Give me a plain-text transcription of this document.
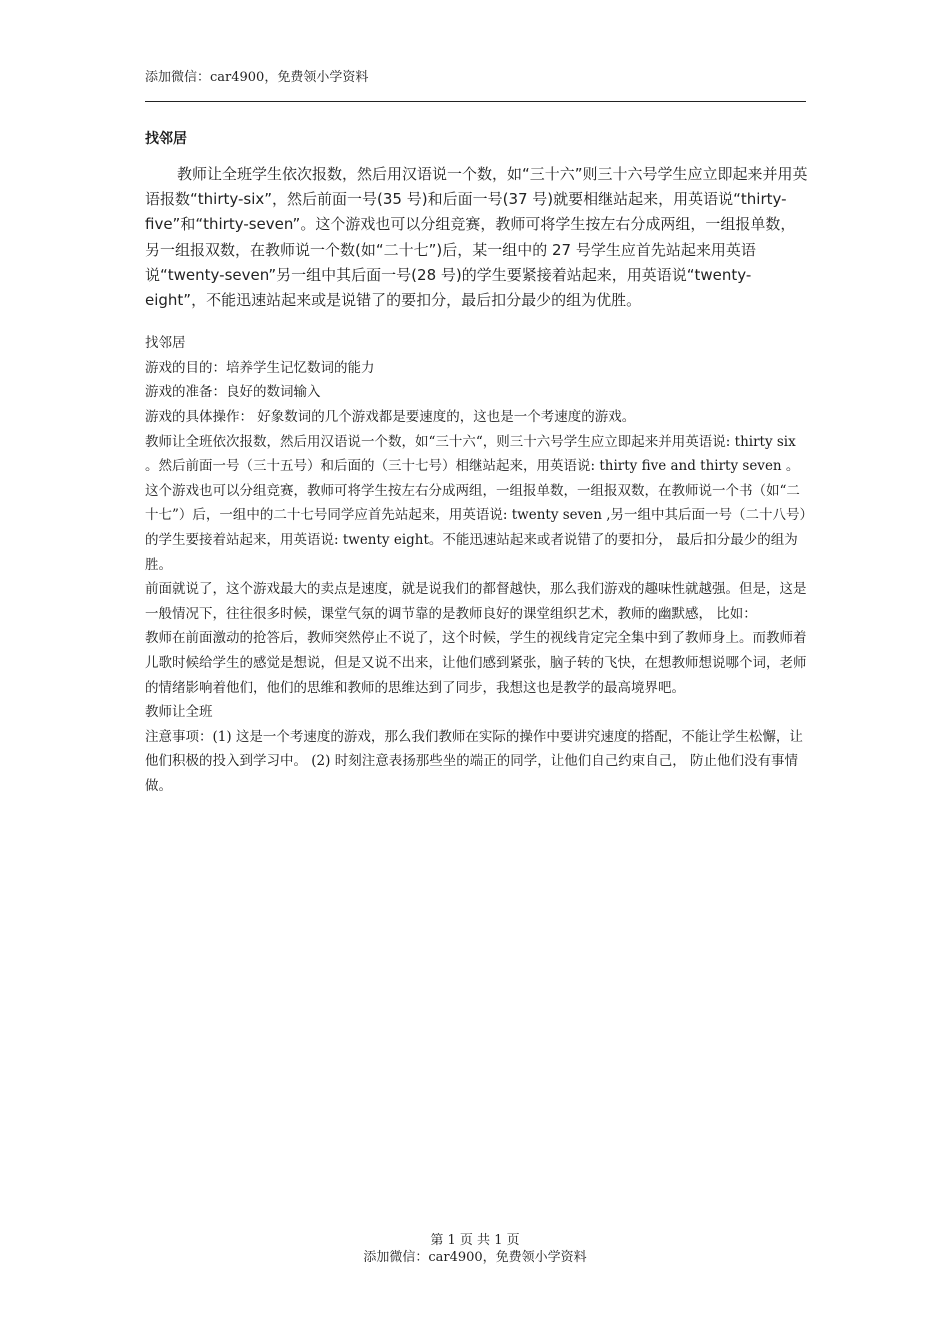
添加微信：car4900，免费领小学资料
找邻居

教师让全班学生依次报数，然后用汉语说一个数，如“三十六”则三十六号学生应立即起来并用英语报数“thirty-six”，然后前面一号(35 号)和后面一号(37 号)就要相继站起来，用英语说“thirty-five”和“thirty-seven”。这个游戏也可以分组竞赛，教师可将学生按左右分成两组，一组报单数，另一组报双数，在教师说一个数(如“二十七”)后，某一组中的 27 号学生应首先站起来用英语说“twenty-seven”另一组中其后面一号(28 号)的学生要紧接着站起来，用英语说“twenty-eight”，不能迅速站起来或是说错了的要扣分，最后扣分最少的组为优胜。

找邻居

游戏的目的：培养学生记忆数词的能力

游戏的准备：良好的数词输入

游戏的具体操作： 好象数词的几个游戏都是要速度的，这也是一个考速度的游戏。

教师让全班依次报数，然后用汉语说一个数，如“三十六“，则三十六号学生应立即起来并用英语说: thirty six 。然后前面一号（三十五号）和后面的（三十七号）相继站起来，用英语说: thirty five and thirty seven 。这个游戏也可以分组竞赛，教师可将学生按左右分成两组，一组报单数，一组报双数，在教师说一个书（如“二十七”）后，一组中的二十七号同学应首先站起来，用英语说: twenty seven ,另一组中其后面一号（二十八号）的学生要接着站起来，用英语说: twenty eight。不能迅速站起来或者说错了的要扣分， 最后扣分最少的组为胜。

前面就说了，这个游戏最大的卖点是速度，就是说我们的都督越快，那么我们游戏的趣味性就越强。但是，这是一般情况下，往往很多时候，课堂气氛的调节靠的是教师良好的课堂组织艺术，教师的幽默感， 比如：

教师在前面激动的抢答后，教师突然停止不说了，这个时候，学生的视线肯定完全集中到了教师身上。而教师着儿歌时候给学生的感觉是想说，但是又说不出来，让他们感到紧张，脑子转的飞快，在想教师想说哪个词，老师的情绪影响着他们，他们的思维和教师的思维达到了同步，我想这也是教学的最高境界吧。

教师让全班

注意事项：(1) 这是一个考速度的游戏，那么我们教师在实际的操作中要讲究速度的搭配，不能让学生松懈，让他们积极的投入到学习中。 (2) 时刻注意表扬那些坐的端正的同学，让他们自己约束自己， 防止他们没有事情做。

第 1 页 共 1 页
添加微信：car4900，免费领小学资料
